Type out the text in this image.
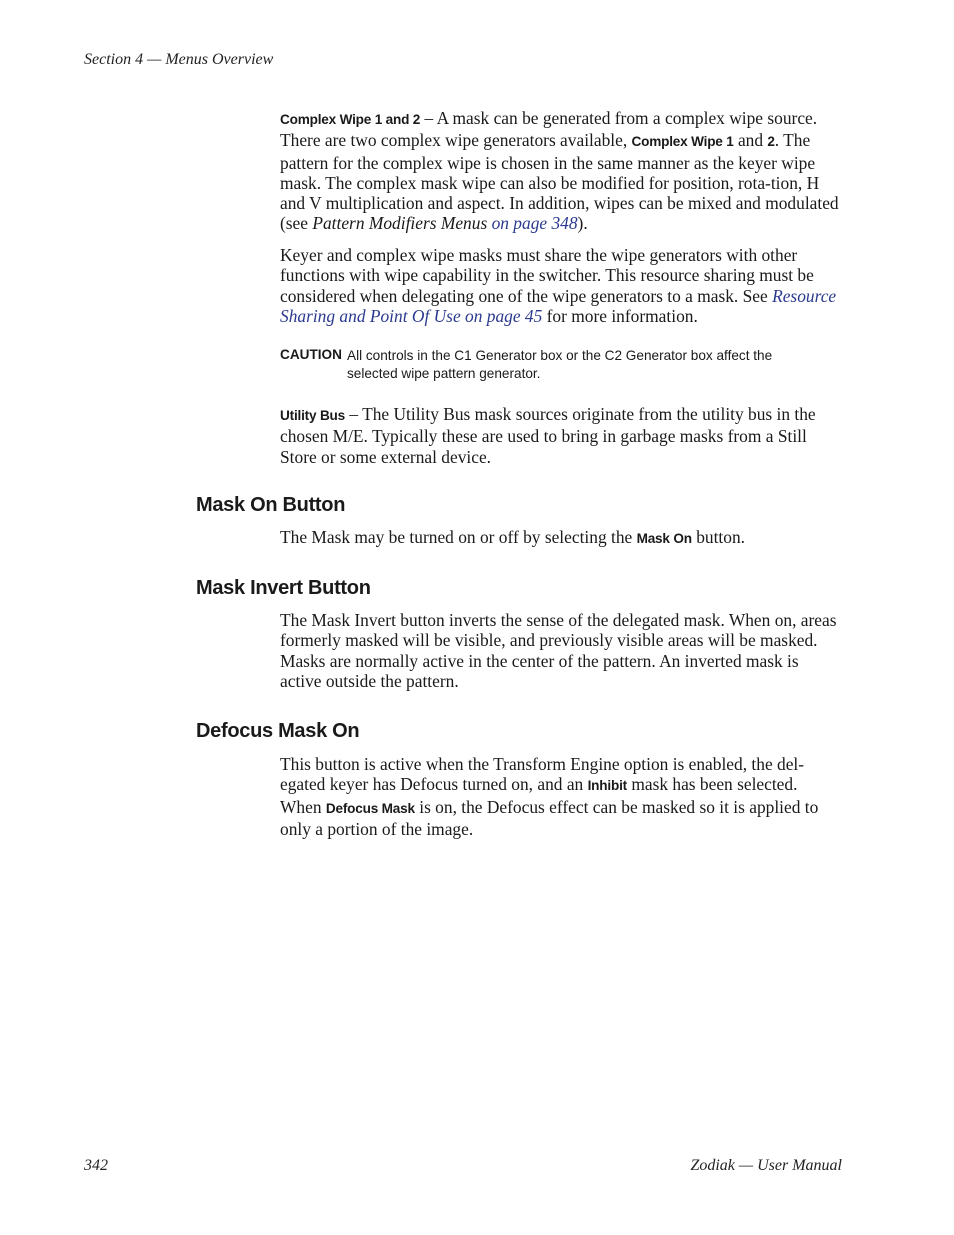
Section 4 — Menus Overview
Complex Wipe 1 and 2 – A mask can be generated from a complex wipe source. There are two complex wipe generators available, Complex Wipe 1 and 2. The pattern for the complex wipe is chosen in the same manner as the keyer wipe mask. The complex mask wipe can also be modified for position, rota-tion, H and V multiplication and aspect. In addition, wipes can be mixed and modulated (see Pattern Modifiers Menus on page 348).
Keyer and complex wipe masks must share the wipe generators with other functions with wipe capability in the switcher. This resource sharing must be considered when delegating one of the wipe generators to a mask. See Resource Sharing and Point Of Use on page 45 for more information.
CAUTION All controls in the C1 Generator box or the C2 Generator box affect the selected wipe pattern generator.
Utility Bus – The Utility Bus mask sources originate from the utility bus in the chosen M/E. Typically these are used to bring in garbage masks from a Still Store or some external device.
Mask On Button
The Mask may be turned on or off by selecting the Mask On button.
Mask Invert Button
The Mask Invert button inverts the sense of the delegated mask. When on, areas formerly masked will be visible, and previously visible areas will be masked. Masks are normally active in the center of the pattern. An inverted mask is active outside the pattern.
Defocus Mask On
This button is active when the Transform Engine option is enabled, the del-egated keyer has Defocus turned on, and an Inhibit mask has been selected. When Defocus Mask is on, the Defocus effect can be masked so it is applied to only a portion of the image.
342	Zodiak — User Manual
